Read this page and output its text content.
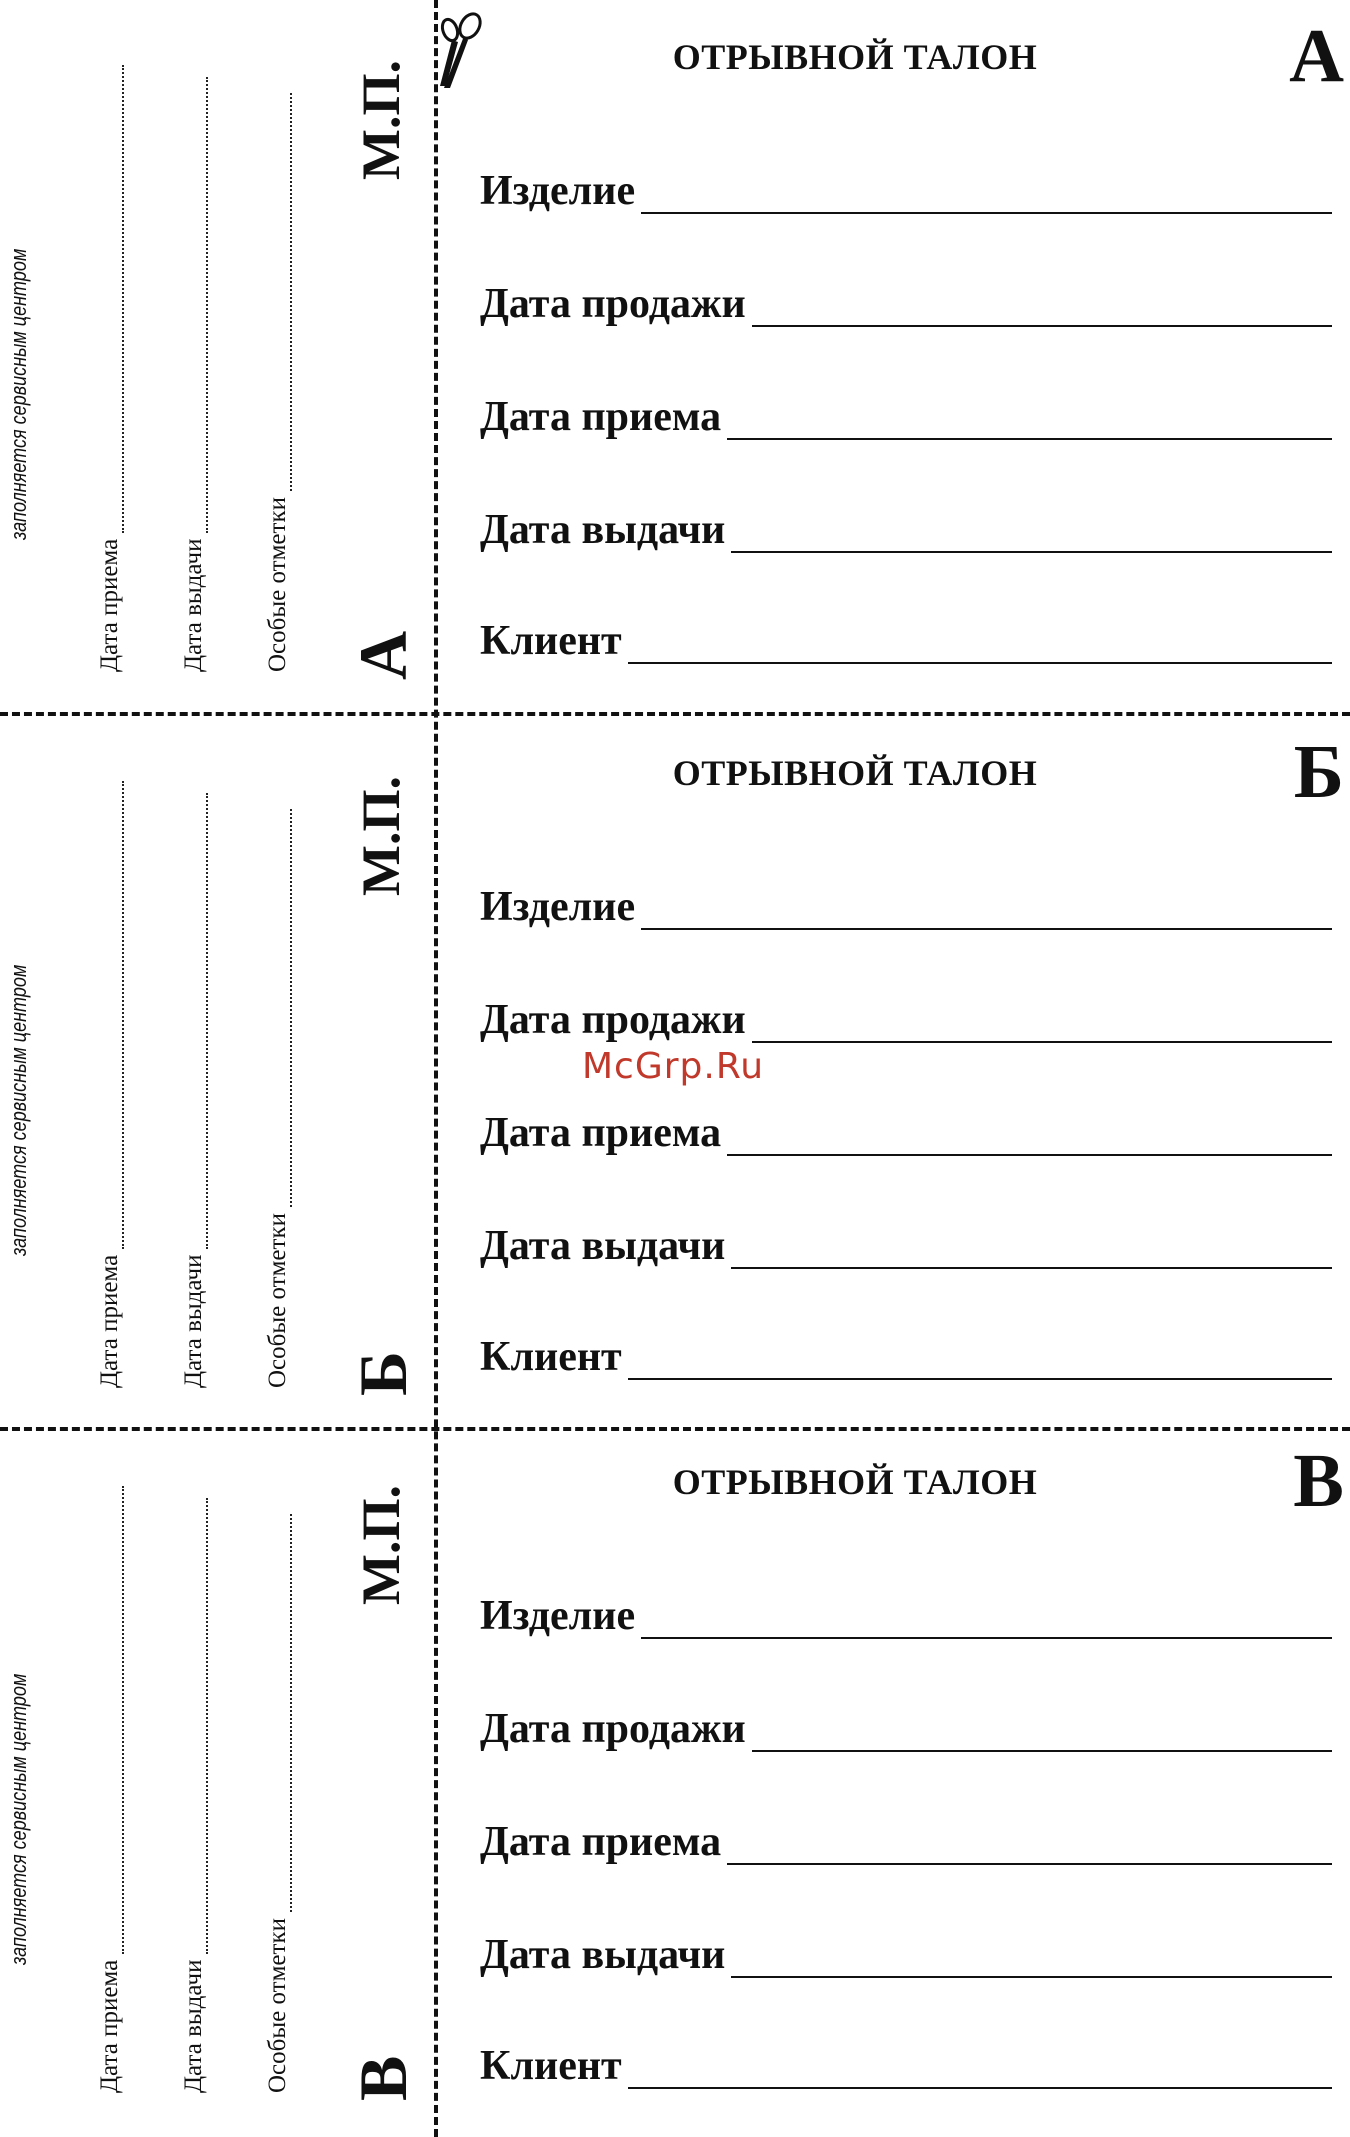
заполняется сервисным центром
Дата приема Дата выдачи Особые отметки
М.П.
А
ОТРЫВНОЙ ТАЛОН	А
Изделие
Дата продажи
Дата приема
Дата выдачи
Клиент
заполняется сервисным центром
Дата приема Дата выдачи Особые отметки
М.П.
Б
ОТРЫВНОЙ ТАЛОН	Б
Изделие
Дата продажи
Дата приема
Дата выдачи
Клиент
заполняется сервисным центром
Дата приема Дата выдачи Особые отметки
М.П.
В
ОТРЫВНОЙ ТАЛОН	В
Изделие
Дата продажи
Дата приема
Дата выдачи
Клиент
McGrp.Ru
